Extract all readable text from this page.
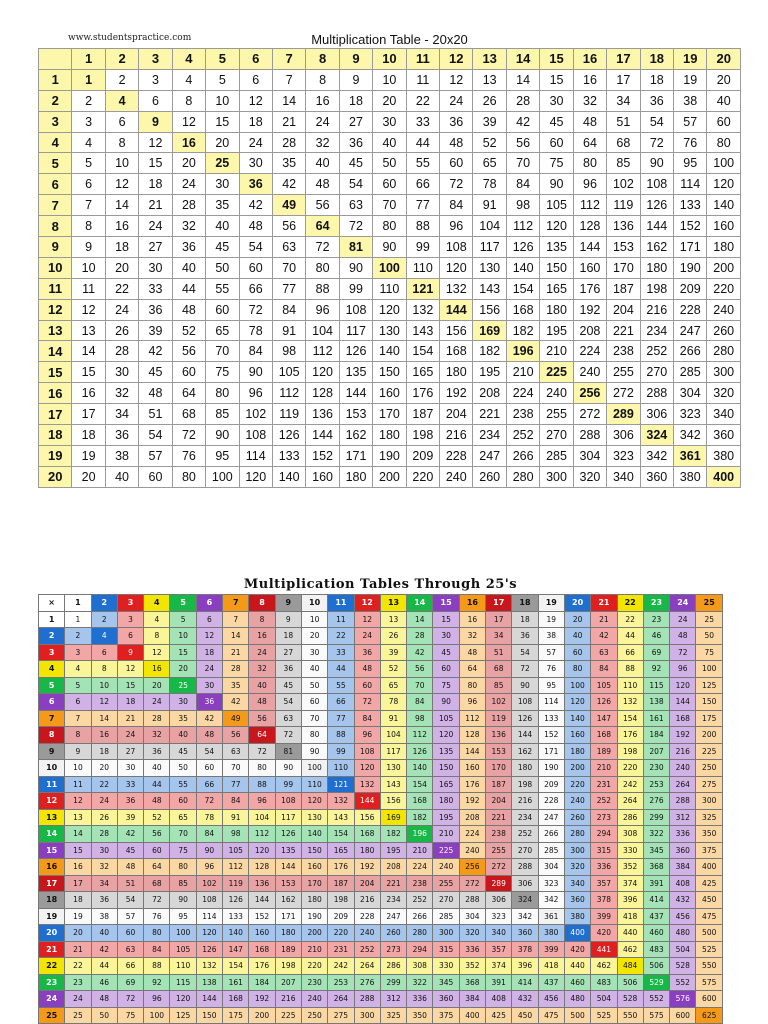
www.studentspractice.com	Multiplication Table - 20x20
	1	2	3	4	5	6	7	8	9	10	11	12	13	14	15	16	17	18	19	20
1	1	2	3	4	5	6	7	8	9	10	11	12	13	14	15	16	17	18	19	20
2	2	4	6	8	10	12	14	16	18	20	22	24	26	28	30	32	34	36	38	40
3	3	6	9	12	15	18	21	24	27	30	33	36	39	42	45	48	51	54	57	60
4	4	8	12	16	20	24	28	32	36	40	44	48	52	56	60	64	68	72	76	80
5	5	10	15	20	25	30	35	40	45	50	55	60	65	70	75	80	85	90	95	100
6	6	12	18	24	30	36	42	48	54	60	66	72	78	84	90	96	102	108	114	120
7	7	14	21	28	35	42	49	56	63	70	77	84	91	98	105	112	119	126	133	140
8	8	16	24	32	40	48	56	64	72	80	88	96	104	112	120	128	136	144	152	160
9	9	18	27	36	45	54	63	72	81	90	99	108	117	126	135	144	153	162	171	180
10	10	20	30	40	50	60	70	80	90	100	110	120	130	140	150	160	170	180	190	200
11	11	22	33	44	55	66	77	88	99	110	121	132	143	154	165	176	187	198	209	220
12	12	24	36	48	60	72	84	96	108	120	132	144	156	168	180	192	204	216	228	240
13	13	26	39	52	65	78	91	104	117	130	143	156	169	182	195	208	221	234	247	260
14	14	28	42	56	70	84	98	112	126	140	154	168	182	196	210	224	238	252	266	280
15	15	30	45	60	75	90	105	120	135	150	165	180	195	210	225	240	255	270	285	300
16	16	32	48	64	80	96	112	128	144	160	176	192	208	224	240	256	272	288	304	320
17	17	34	51	68	85	102	119	136	153	170	187	204	221	238	255	272	289	306	323	340
18	18	36	54	72	90	108	126	144	162	180	198	216	234	252	270	288	306	324	342	360
19	19	38	57	76	95	114	133	152	171	190	209	228	247	266	285	304	323	342	361	380
20	20	40	60	80	100	120	140	160	180	200	220	240	260	280	300	320	340	360	380	400
Multiplication Tables Through 25's
×	1	2	3	4	5	6	7	8	9	10	11	12	13	14	15	16	17	18	19	20	21	22	23	24	25
1	1	2	3	4	5	6	7	8	9	10	11	12	13	14	15	16	17	18	19	20	21	22	23	24	25
2	2	4	6	8	10	12	14	16	18	20	22	24	26	28	30	32	34	36	38	40	42	44	46	48	50
3	3	6	9	12	15	18	21	24	27	30	33	36	39	42	45	48	51	54	57	60	63	66	69	72	75
4	4	8	12	16	20	24	28	32	36	40	44	48	52	56	60	64	68	72	76	80	84	88	92	96	100
5	5	10	15	20	25	30	35	40	45	50	55	60	65	70	75	80	85	90	95	100	105	110	115	120	125
6	6	12	18	24	30	36	42	48	54	60	66	72	78	84	90	96	102	108	114	120	126	132	138	144	150
7	7	14	21	28	35	42	49	56	63	70	77	84	91	98	105	112	119	126	133	140	147	154	161	168	175
8	8	16	24	32	40	48	56	64	72	80	88	96	104	112	120	128	136	144	152	160	168	176	184	192	200
9	9	18	27	36	45	54	63	72	81	90	99	108	117	126	135	144	153	162	171	180	189	198	207	216	225
10	10	20	30	40	50	60	70	80	90	100	110	120	130	140	150	160	170	180	190	200	210	220	230	240	250
11	11	22	33	44	55	66	77	88	99	110	121	132	143	154	165	176	187	198	209	220	231	242	253	264	275
12	12	24	36	48	60	72	84	96	108	120	132	144	156	168	180	192	204	216	228	240	252	264	276	288	300
13	13	26	39	52	65	78	91	104	117	130	143	156	169	182	195	208	221	234	247	260	273	286	299	312	325
14	14	28	42	56	70	84	98	112	126	140	154	168	182	196	210	224	238	252	266	280	294	308	322	336	350
15	15	30	45	60	75	90	105	120	135	150	165	180	195	210	225	240	255	270	285	300	315	330	345	360	375
16	16	32	48	64	80	96	112	128	144	160	176	192	208	224	240	256	272	288	304	320	336	352	368	384	400
17	17	34	51	68	85	102	119	136	153	170	187	204	221	238	255	272	289	306	323	340	357	374	391	408	425
18	18	36	54	72	90	108	126	144	162	180	198	216	234	252	270	288	306	324	342	360	378	396	414	432	450
19	19	38	57	76	95	114	133	152	171	190	209	228	247	266	285	304	323	342	361	380	399	418	437	456	475
20	20	40	60	80	100	120	140	160	180	200	220	240	260	280	300	320	340	360	380	400	420	440	460	480	500
21	21	42	63	84	105	126	147	168	189	210	231	252	273	294	315	336	357	378	399	420	441	462	483	504	525
22	22	44	66	88	110	132	154	176	198	220	242	264	286	308	330	352	374	396	418	440	462	484	506	528	550
23	23	46	69	92	115	138	161	184	207	230	253	276	299	322	345	368	391	414	437	460	483	506	529	552	575
24	24	48	72	96	120	144	168	192	216	240	264	288	312	336	360	384	408	432	456	480	504	528	552	576	600
25	25	50	75	100	125	150	175	200	225	250	275	300	325	350	375	400	425	450	475	500	525	550	575	600	625
